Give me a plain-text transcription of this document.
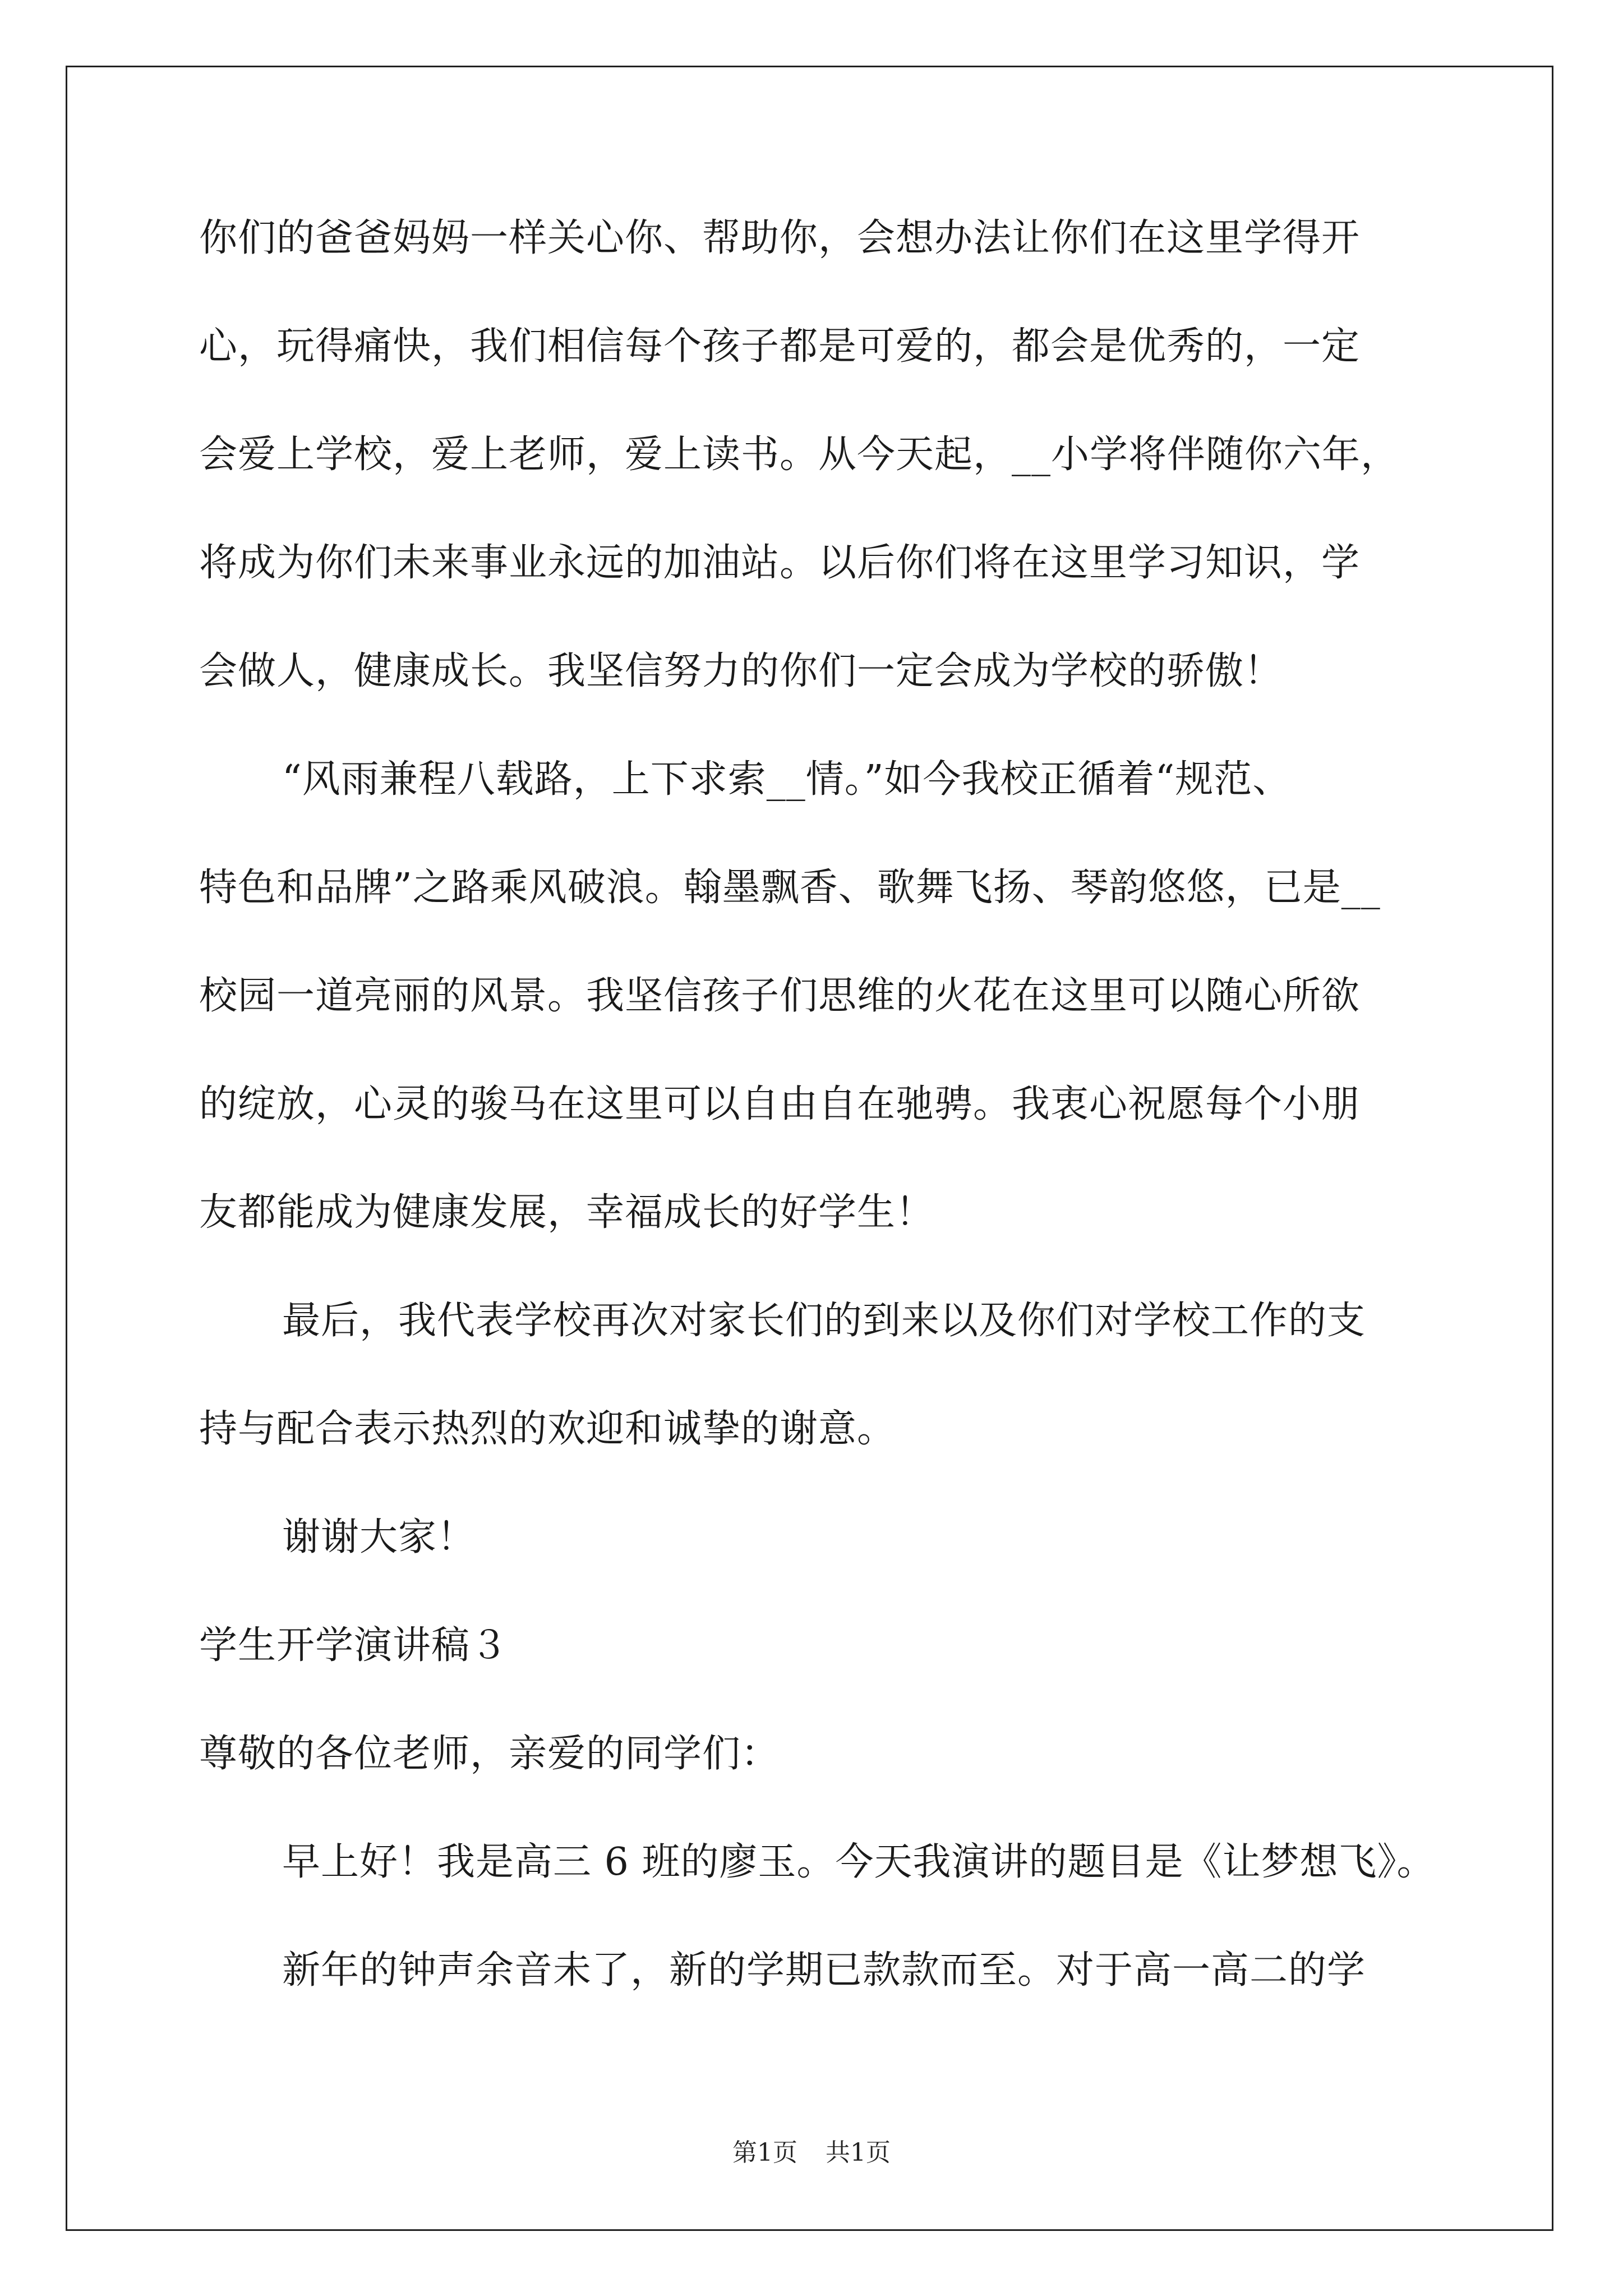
你们的爸爸妈妈一样关心你、帮助你，会想办法让你们在这里学得开
心，玩得痛快，我们相信每个孩子都是可爱的，都会是优秀的，一定
会爱上学校，爱上老师，爱上读书。从今天起，__小学将伴随你六年，
将成为你们未来事业永远的加油站。以后你们将在这里学习知识，学
会做人，健康成长。我坚信努力的你们一定会成为学校的骄傲！
“风雨兼程八载路，上下求索__情。”如今我校正循着“规范、
特色和品牌”之路乘风破浪。翰墨飘香、歌舞飞扬、琴韵悠悠，已是__
校园一道亮丽的风景。我坚信孩子们思维的火花在这里可以随心所欲
的绽放，心灵的骏马在这里可以自由自在驰骋。我衷心祝愿每个小朋
友都能成为健康发展，幸福成长的好学生！
最后，我代表学校再次对家长们的到来以及你们对学校工作的支
持与配合表示热烈的欢迎和诚挚的谢意。
谢谢大家！
学生开学演讲稿３
尊敬的各位老师，亲爱的同学们：
早上好！我是高三 6 班的廖玉。今天我演讲的题目是《让梦想飞》。
新年的钟声余音未了，新的学期已款款而至。对于高一高二的学
第1页 共1页
